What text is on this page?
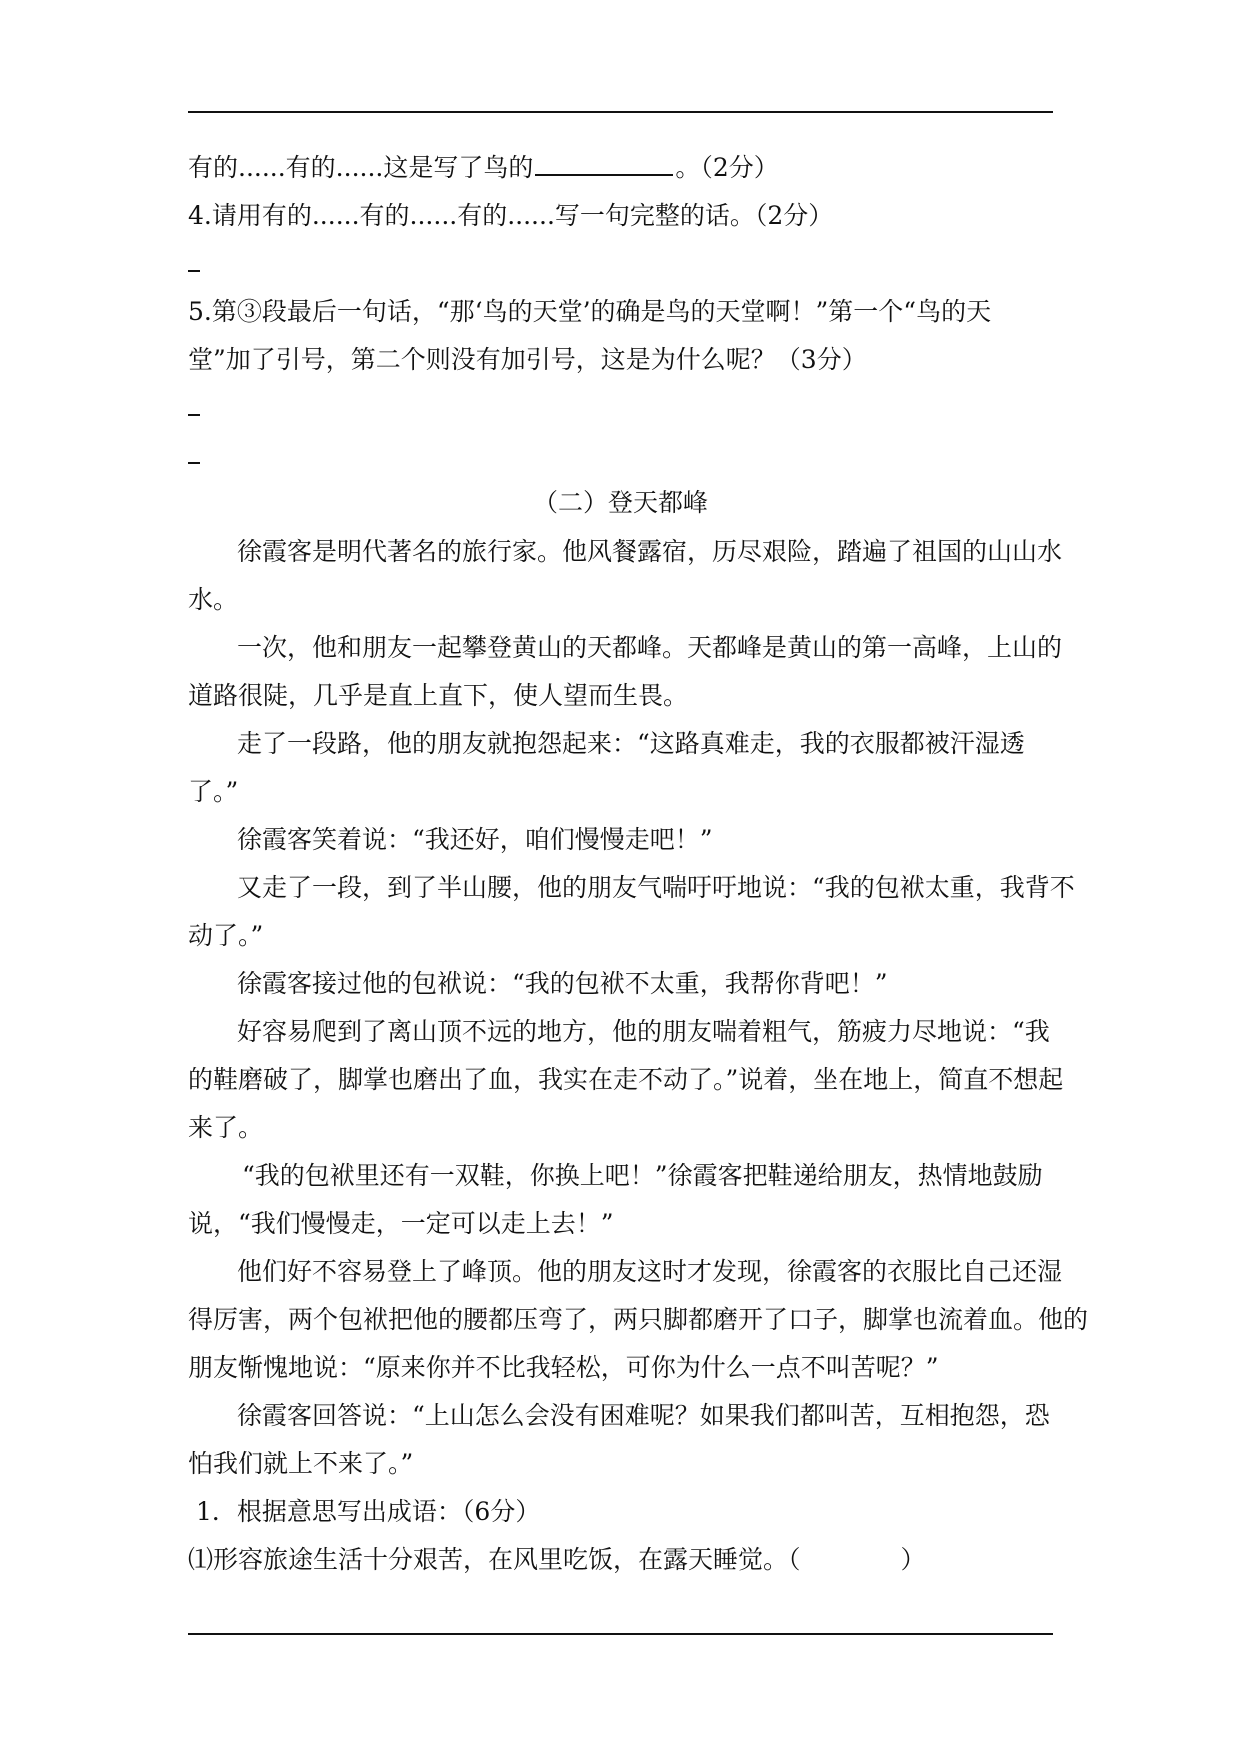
有的......有的......这是写了鸟的	。（2分）
4.请用有的......有的......有的......写一句完整的话。（2分）
5.第③段最后一句话，“那‘鸟的天堂’的确是鸟的天堂啊！”第一个“鸟的天
堂”加了引号，第二个则没有加引号，这是为什么呢？（3分）
（二）登天都峰
徐霞客是明代著名的旅行家。他风餐露宿，历尽艰险，踏遍了祖国的山山水
水。
一次，他和朋友一起攀登黄山的天都峰。天都峰是黄山的第一高峰，上山的
道路很陡，几乎是直上直下，使人望而生畏。
走了一段路，他的朋友就抱怨起来：“这路真难走，我的衣服都被汗湿透
了。”
徐霞客笑着说：“我还好，咱们慢慢走吧！”
又走了一段，到了半山腰，他的朋友气喘吁吁地说：“我的包袱太重，我背不
动了。”
徐霞客接过他的包袱说：“我的包袱不太重，我帮你背吧！”
好容易爬到了离山顶不远的地方，他的朋友喘着粗气，筋疲力尽地说：“我
的鞋磨破了，脚掌也磨出了血，我实在走不动了。”说着，坐在地上，简直不想起
来了。
“我的包袱里还有一双鞋，你换上吧！”徐霞客把鞋递给朋友，热情地鼓励
说，“我们慢慢走，一定可以走上去！”
他们好不容易登上了峰顶。他的朋友这时才发现，徐霞客的衣服比自己还湿
得厉害，两个包袱把他的腰都压弯了，两只脚都磨开了口子，脚掌也流着血。他的
朋友惭愧地说：“原来你并不比我轻松，可你为什么一点不叫苦呢？”
徐霞客回答说：“上山怎么会没有困难呢？如果我们都叫苦，互相抱怨，恐
怕我们就上不来了。”
1．根据意思写出成语：（6分）
⑴形容旅途生活十分艰苦，在风里吃饭，在露天睡觉。（	）
